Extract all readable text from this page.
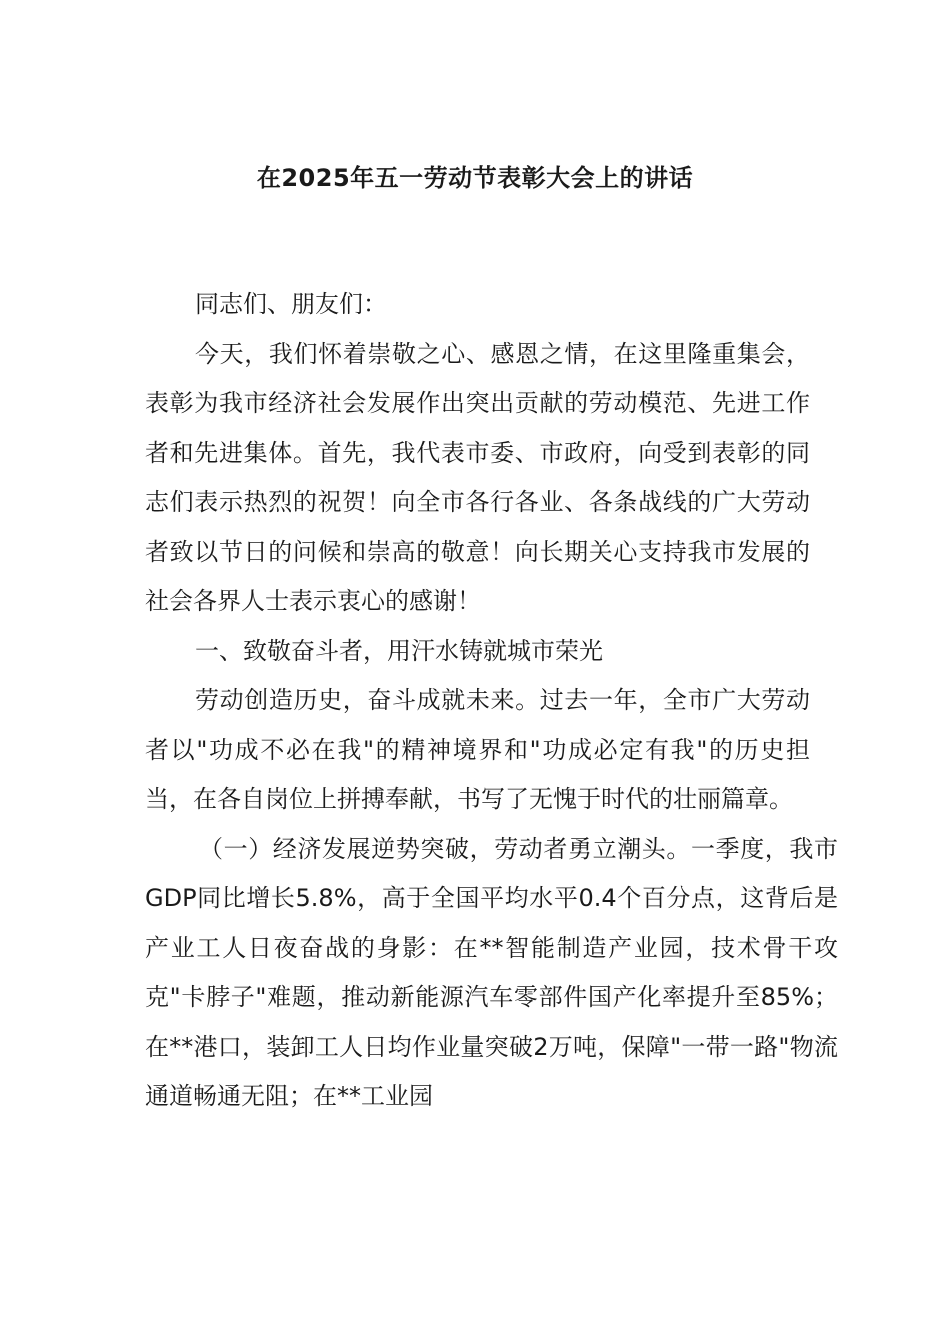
在2025年五一劳动节表彰大会上的讲话

同志们、朋友们：

今天，我们怀着崇敬之心、感恩之情，在这里隆重集会，表彰为我市经济社会发展作出突出贡献的劳动模范、先进工作者和先进集体。首先，我代表市委、市政府，向受到表彰的同志们表示热烈的祝贺！向全市各行各业、各条战线的广大劳动者致以节日的问候和崇高的敬意！向长期关心支持我市发展的社会各界人士表示衷心的感谢！

一、致敬奋斗者，用汗水铸就城市荣光

劳动创造历史，奋斗成就未来。过去一年，全市广大劳动者以"功成不必在我"的精神境界和"功成必定有我"的历史担当，在各自岗位上拼搏奉献，书写了无愧于时代的壮丽篇章。

（一）经济发展逆势突破，劳动者勇立潮头。一季度，我市GDP同比增长5.8%，高于全国平均水平0.4个百分点，这背后是产业工人日夜奋战的身影：在**智能制造产业园，技术骨干攻克"卡脖子"难题，推动新能源汽车零部件国产化率提升至85%；在**港口，装卸工人日均作业量突破2万吨，保障"一带一路"物流通道畅通无阻；在**工业园
